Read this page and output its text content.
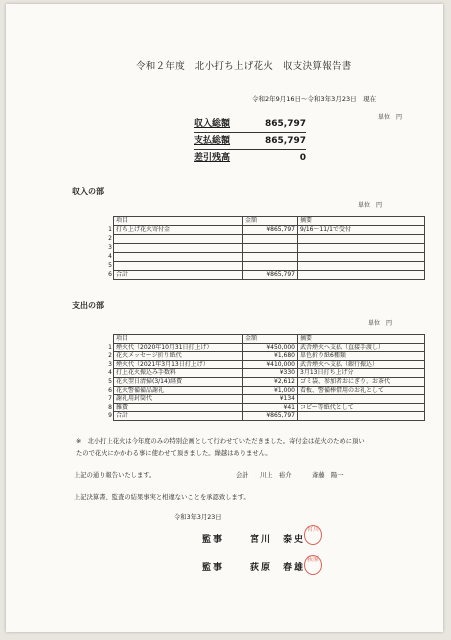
令和２年度　北小打ち上げ花火　収支決算報告書
令和2年9月16日～令和3年3月23日　現在
単位　円
収入総額	865,797
支払総額	865,797
差引残高	0
収入の部
単位　円
	項目	金額	摘要
1	打ち上げ花火寄付金	¥865,797	9/16～11/1で受付
2			
3			
4			
5			
6	合計	¥865,797	
支出の部
単位　円
	項目	金額	摘要
1	煙火代（2020年10月31日打上げ）	¥450,000	武舎煙火へ支払（直接手渡し）
2	花火メッセージ折り紙代	¥1,680	単色折り紙6種類
3	煙火代（2021年3月13日打上げ）	¥410,000	武舎煙火へ支払（銀行振込）
4	打上花火振込み手数料	¥330	3月13日打ち上げ分
5	花火翌日清掃(3/14)経費	¥2,612	ゴミ袋、参加者おにぎり、お茶代
6	花火警備備品謝礼	¥1,000	看板、警備棒借用のお礼として
7	謝礼用封筒代	¥134	
8	雑費	¥41	コピー等紙代として
9	合計	¥865,797	
※　北小打上花火は今年度のみの特別企画として行わせていただきました。寄付金は花火のために頂いたので花火にかかわる事に使わせて頂きました。繰越はありません。
上記の通り報告いたします。	会計 川上　裕介	斎藤　陽一
上記決算書、監査の結果事実と相違ないことを承認致します。
令和3年3月23日
監事	宮川　泰史
宮川
監事	荻原　春雄
荻原
